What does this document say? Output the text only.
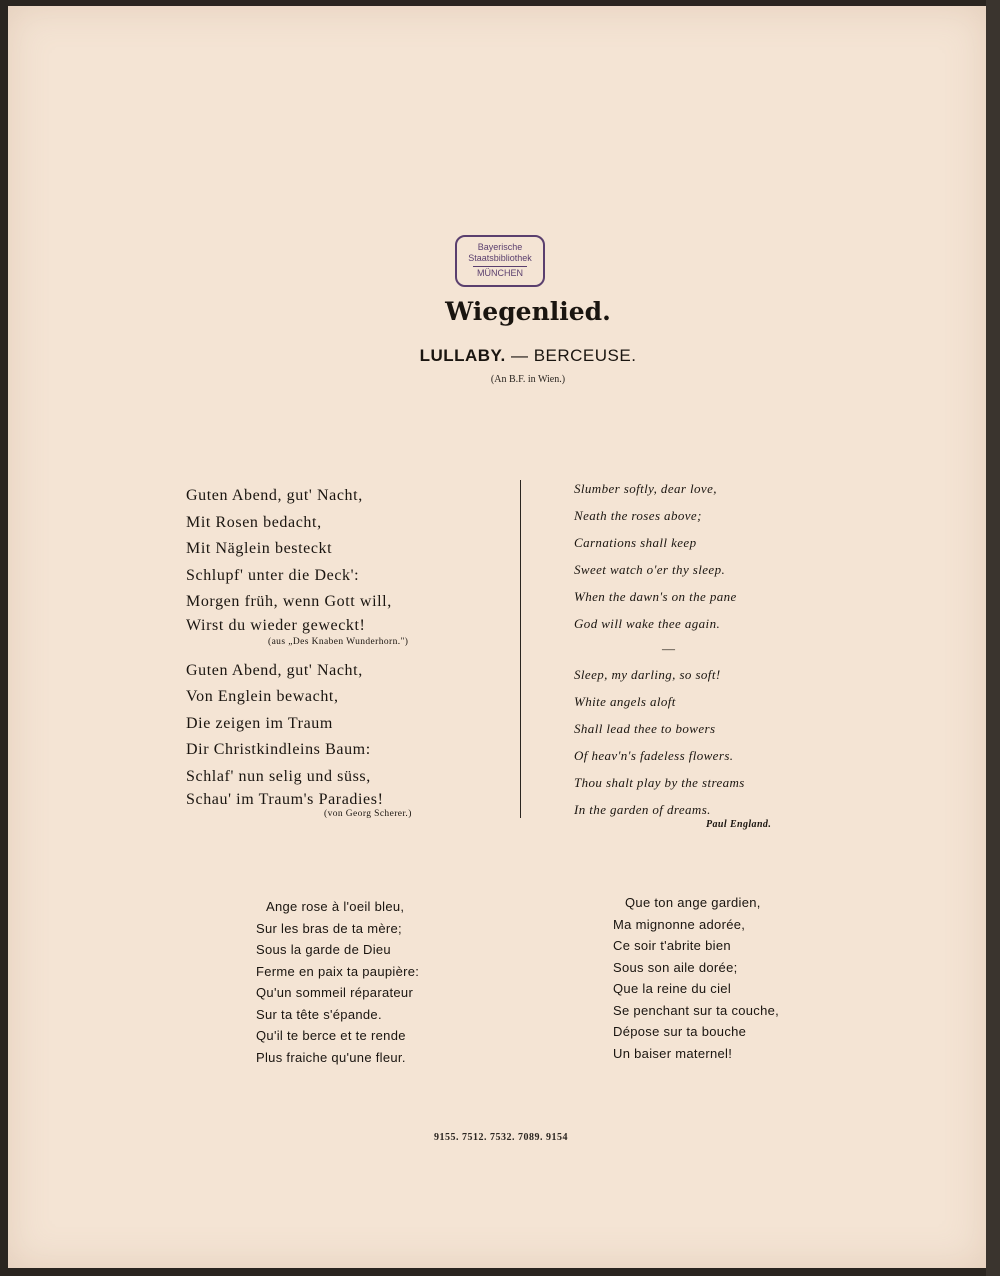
Bayerische
Staatsbibliothek
MÜNCHEN
Wiegenlied.
LULLABY. — BERCEUSE.
(An B.F. in Wien.)
Guten Abend, gut' Nacht,
Mit Rosen bedacht,
Mit Näglein besteckt
Schlupf' unter die Deck':
Morgen früh, wenn Gott will,
Wirst du wieder geweckt!
(aus „Des Knaben Wunderhorn.")
Guten Abend, gut' Nacht,
Von Englein bewacht,
Die zeigen im Traum
Dir Christkindleins Baum:
Schlaf' nun selig und süss,
Schau' im Traum's Paradies!
(von Georg Scherer.)
Slumber softly, dear love,
Neath the roses above;
Carnations shall keep
Sweet watch o'er thy sleep.
When the dawn's on the pane
God will wake thee again.
—
Sleep, my darling, so soft!
White angels aloft
Shall lead thee to bowers
Of heav'n's fadeless flowers.
Thou shalt play by the streams
In the garden of dreams.
Paul England.
Ange rose à l'oeil bleu,
Sur les bras de ta mère;
Sous la garde de Dieu
Ferme en paix ta paupière:
Qu'un sommeil réparateur
Sur ta tête s'épande.
Qu'il te berce et te rende
Plus fraiche qu'une fleur.
Que ton ange gardien,
Ma mignonne adorée,
Ce soir t'abrite bien
Sous son aile dorée;
Que la reine du ciel
Se penchant sur ta couche,
Dépose sur ta bouche
Un baiser maternel!
9155. 7512. 7532. 7089. 9154
